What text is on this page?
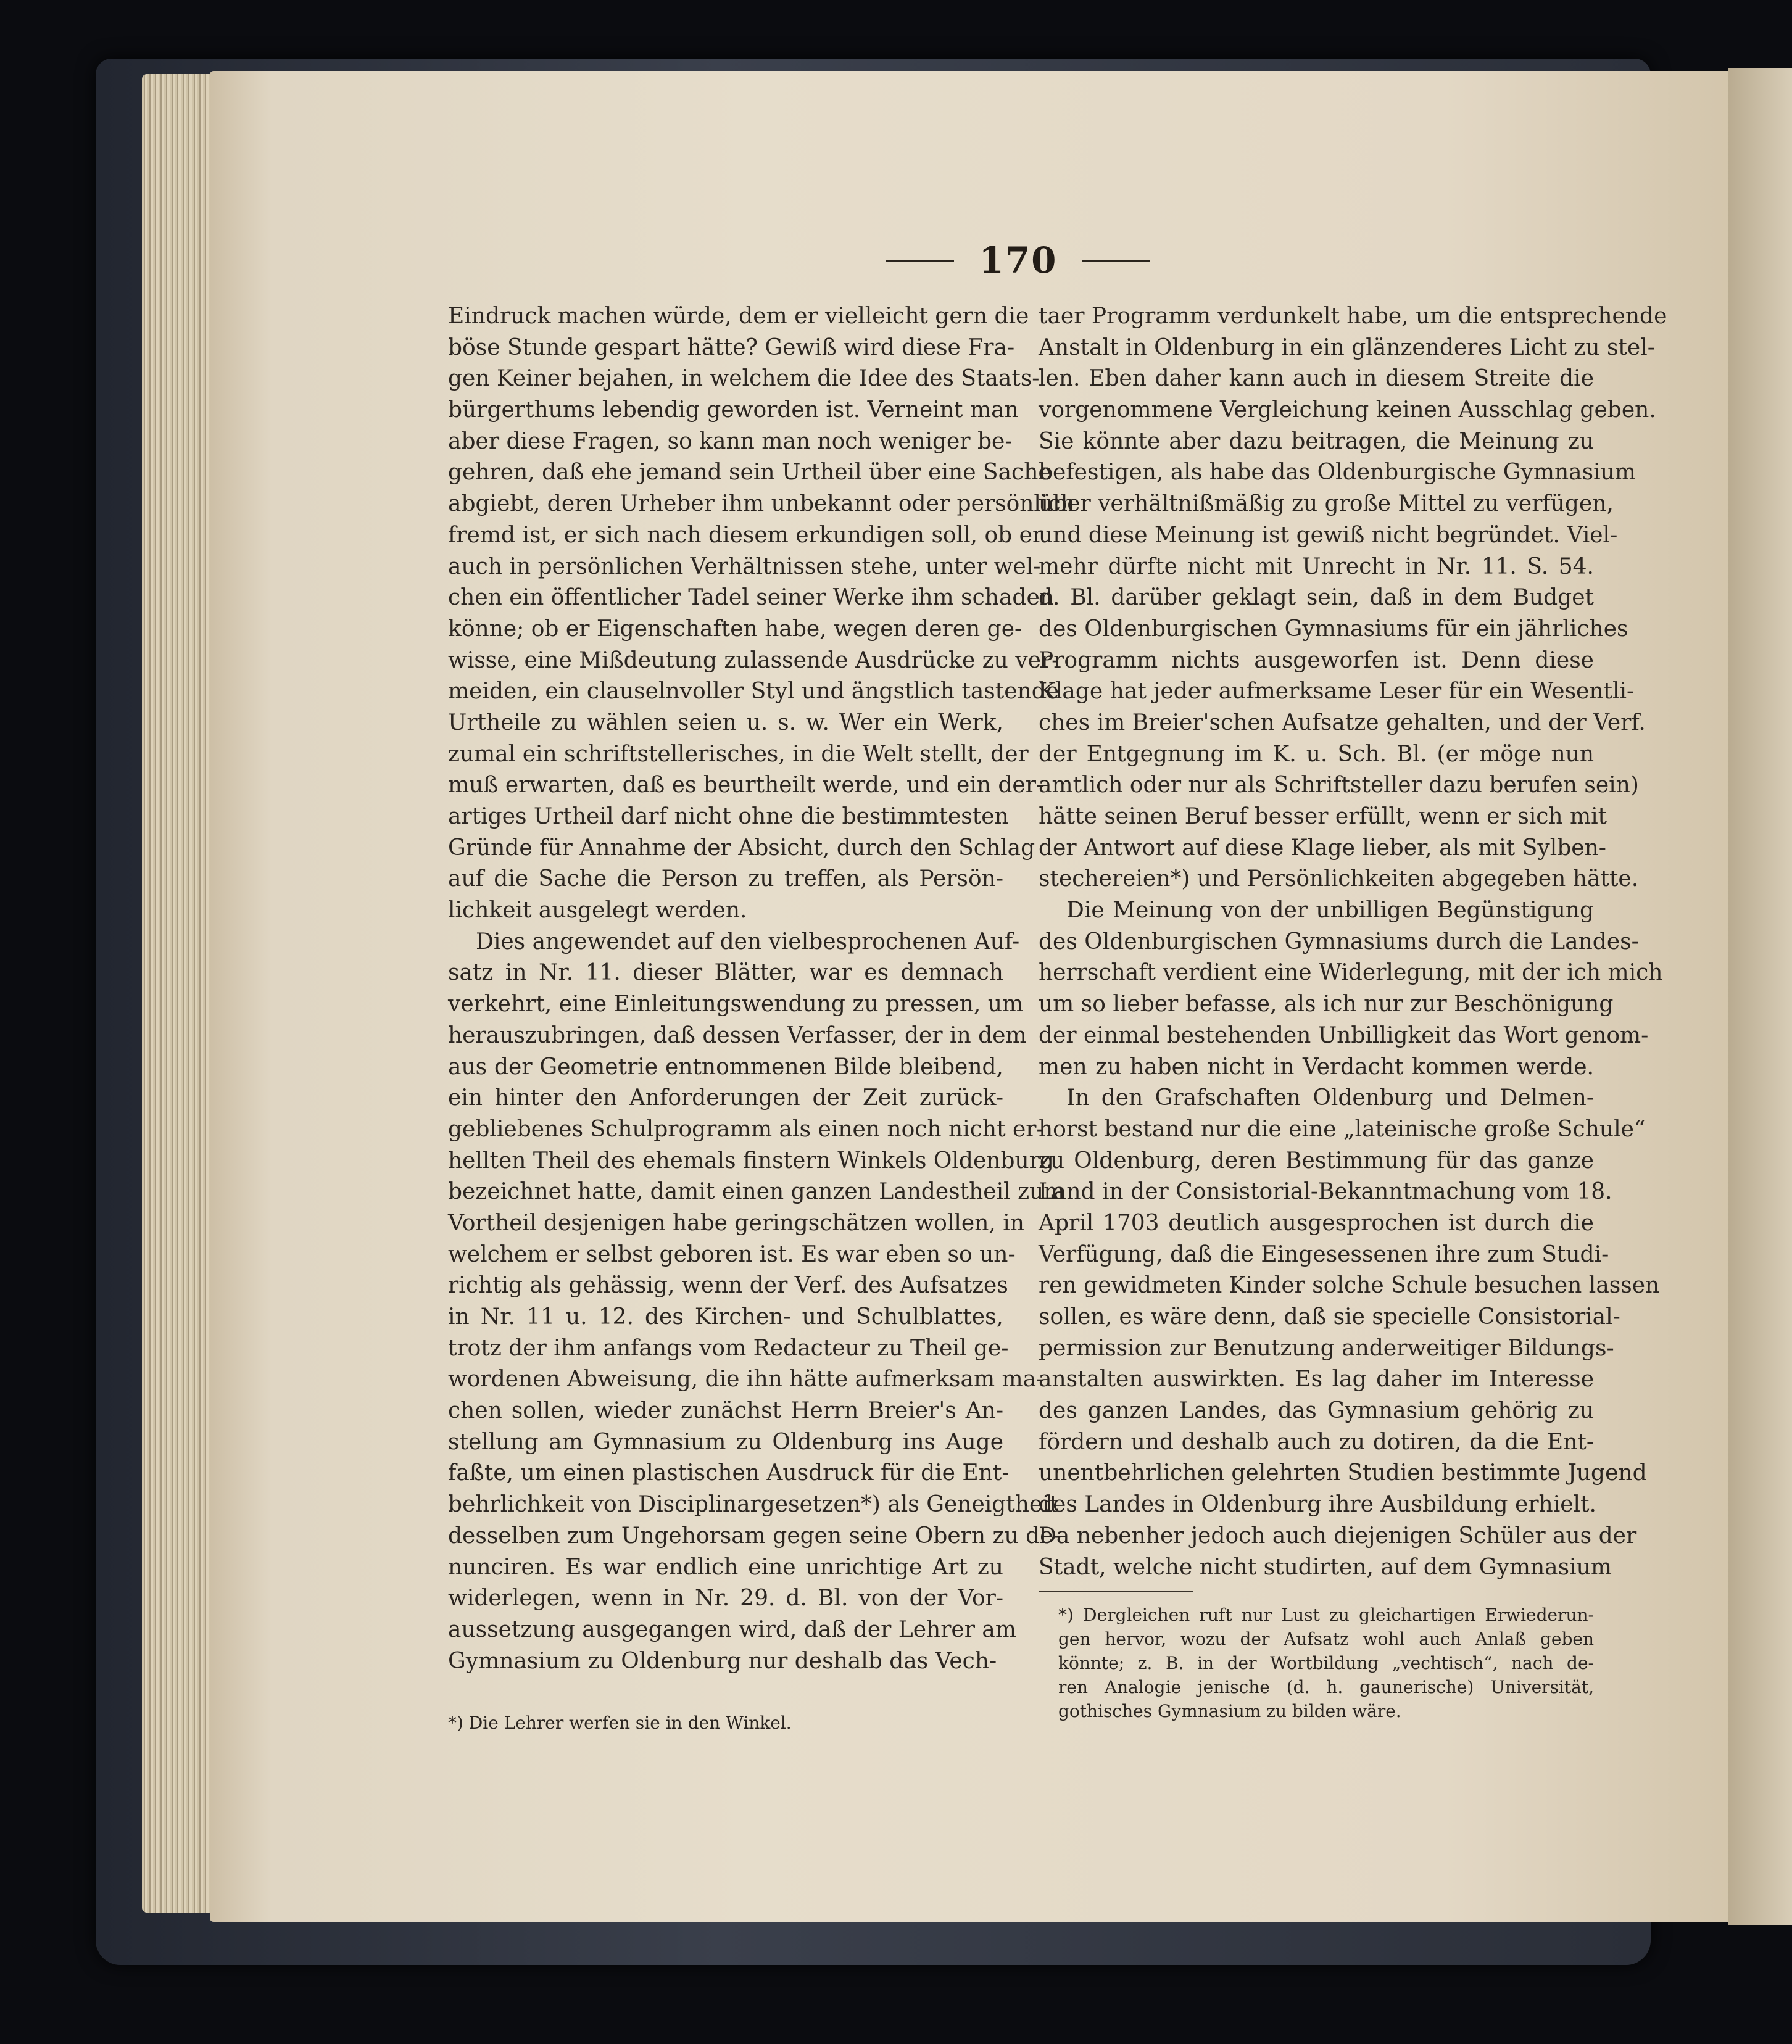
170
Eindruck machen würde, dem er vielleicht gern die
böse Stunde gespart hätte? Gewiß wird diese Fra-
gen Keiner bejahen, in welchem die Idee des Staats-
bürgerthums lebendig geworden ist. Verneint man
aber diese Fragen, so kann man noch weniger be-
gehren, daß ehe jemand sein Urtheil über eine Sache
abgiebt, deren Urheber ihm unbekannt oder persönlich
fremd ist, er sich nach diesem erkundigen soll, ob er
auch in persönlichen Verhältnissen stehe, unter wel-
chen ein öffentlicher Tadel seiner Werke ihm schaden
könne; ob er Eigenschaften habe, wegen deren ge-
wisse, eine Mißdeutung zulassende Ausdrücke zu ver-
meiden, ein clauselnvoller Styl und ängstlich tastende
Urtheile zu wählen seien u. s. w. Wer ein Werk,
zumal ein schriftstellerisches, in die Welt stellt, der
muß erwarten, daß es beurtheilt werde, und ein der-
artiges Urtheil darf nicht ohne die bestimmtesten
Gründe für Annahme der Absicht, durch den Schlag
auf die Sache die Person zu treffen, als Persön-
lichkeit ausgelegt werden.
Dies angewendet auf den vielbesprochenen Auf-
satz in Nr. 11. dieser Blätter, war es demnach
verkehrt, eine Einleitungswendung zu pressen, um
herauszubringen, daß dessen Verfasser, der in dem
aus der Geometrie entnommenen Bilde bleibend,
ein hinter den Anforderungen der Zeit zurück-
gebliebenes Schulprogramm als einen noch nicht er-
hellten Theil des ehemals finstern Winkels Oldenburg
bezeichnet hatte, damit einen ganzen Landestheil zum
Vortheil desjenigen habe geringschätzen wollen, in
welchem er selbst geboren ist. Es war eben so un-
richtig als gehässig, wenn der Verf. des Aufsatzes
in Nr. 11 u. 12. des Kirchen- und Schulblattes,
trotz der ihm anfangs vom Redacteur zu Theil ge-
wordenen Abweisung, die ihn hätte aufmerksam ma-
chen sollen, wieder zunächst Herrn Breier's An-
stellung am Gymnasium zu Oldenburg ins Auge
faßte, um einen plastischen Ausdruck für die Ent-
behrlichkeit von Disciplinargesetzen*) als Geneigtheit
desselben zum Ungehorsam gegen seine Obern zu de-
nunciren. Es war endlich eine unrichtige Art zu
widerlegen, wenn in Nr. 29. d. Bl. von der Vor-
aussetzung ausgegangen wird, daß der Lehrer am
Gymnasium zu Oldenburg nur deshalb das Vech-
taer Programm verdunkelt habe, um die entsprechende
Anstalt in Oldenburg in ein glänzenderes Licht zu stel-
len. Eben daher kann auch in diesem Streite die
vorgenommene Vergleichung keinen Ausschlag geben.
Sie könnte aber dazu beitragen, die Meinung zu
befestigen, als habe das Oldenburgische Gymnasium
über verhältnißmäßig zu große Mittel zu verfügen,
und diese Meinung ist gewiß nicht begründet. Viel-
mehr dürfte nicht mit Unrecht in Nr. 11. S. 54.
d. Bl. darüber geklagt sein, daß in dem Budget
des Oldenburgischen Gymnasiums für ein jährliches
Programm nichts ausgeworfen ist. Denn diese
Klage hat jeder aufmerksame Leser für ein Wesentli-
ches im Breier'schen Aufsatze gehalten, und der Verf.
der Entgegnung im K. u. Sch. Bl. (er möge nun
amtlich oder nur als Schriftsteller dazu berufen sein)
hätte seinen Beruf besser erfüllt, wenn er sich mit
der Antwort auf diese Klage lieber, als mit Sylben-
stechereien*) und Persönlichkeiten abgegeben hätte.
Die Meinung von der unbilligen Begünstigung
des Oldenburgischen Gymnasiums durch die Landes-
herrschaft verdient eine Widerlegung, mit der ich mich
um so lieber befasse, als ich nur zur Beschönigung
der einmal bestehenden Unbilligkeit das Wort genom-
men zu haben nicht in Verdacht kommen werde.
In den Grafschaften Oldenburg und Delmen-
horst bestand nur die eine „lateinische große Schule“
zu Oldenburg, deren Bestimmung für das ganze
Land in der Consistorial-Bekanntmachung vom 18.
April 1703 deutlich ausgesprochen ist durch die
Verfügung, daß die Eingesessenen ihre zum Studi-
ren gewidmeten Kinder solche Schule besuchen lassen
sollen, es wäre denn, daß sie specielle Consistorial-
permission zur Benutzung anderweitiger Bildungs-
anstalten auswirkten. Es lag daher im Interesse
des ganzen Landes, das Gymnasium gehörig zu
fördern und deshalb auch zu dotiren, da die Ent-
unentbehrlichen gelehrten Studien bestimmte Jugend
des Landes in Oldenburg ihre Ausbildung erhielt.
Da nebenher jedoch auch diejenigen Schüler aus der
Stadt, welche nicht studirten, auf dem Gymnasium
*) Die Lehrer werfen sie in den Winkel.
*) Dergleichen ruft nur Lust zu gleichartigen Erwiederun-
gen hervor, wozu der Aufsatz wohl auch Anlaß geben
könnte; z. B. in der Wortbildung „vechtisch“, nach de-
ren Analogie jenische (d. h. gaunerische) Universität,
gothisches Gymnasium zu bilden wäre.
